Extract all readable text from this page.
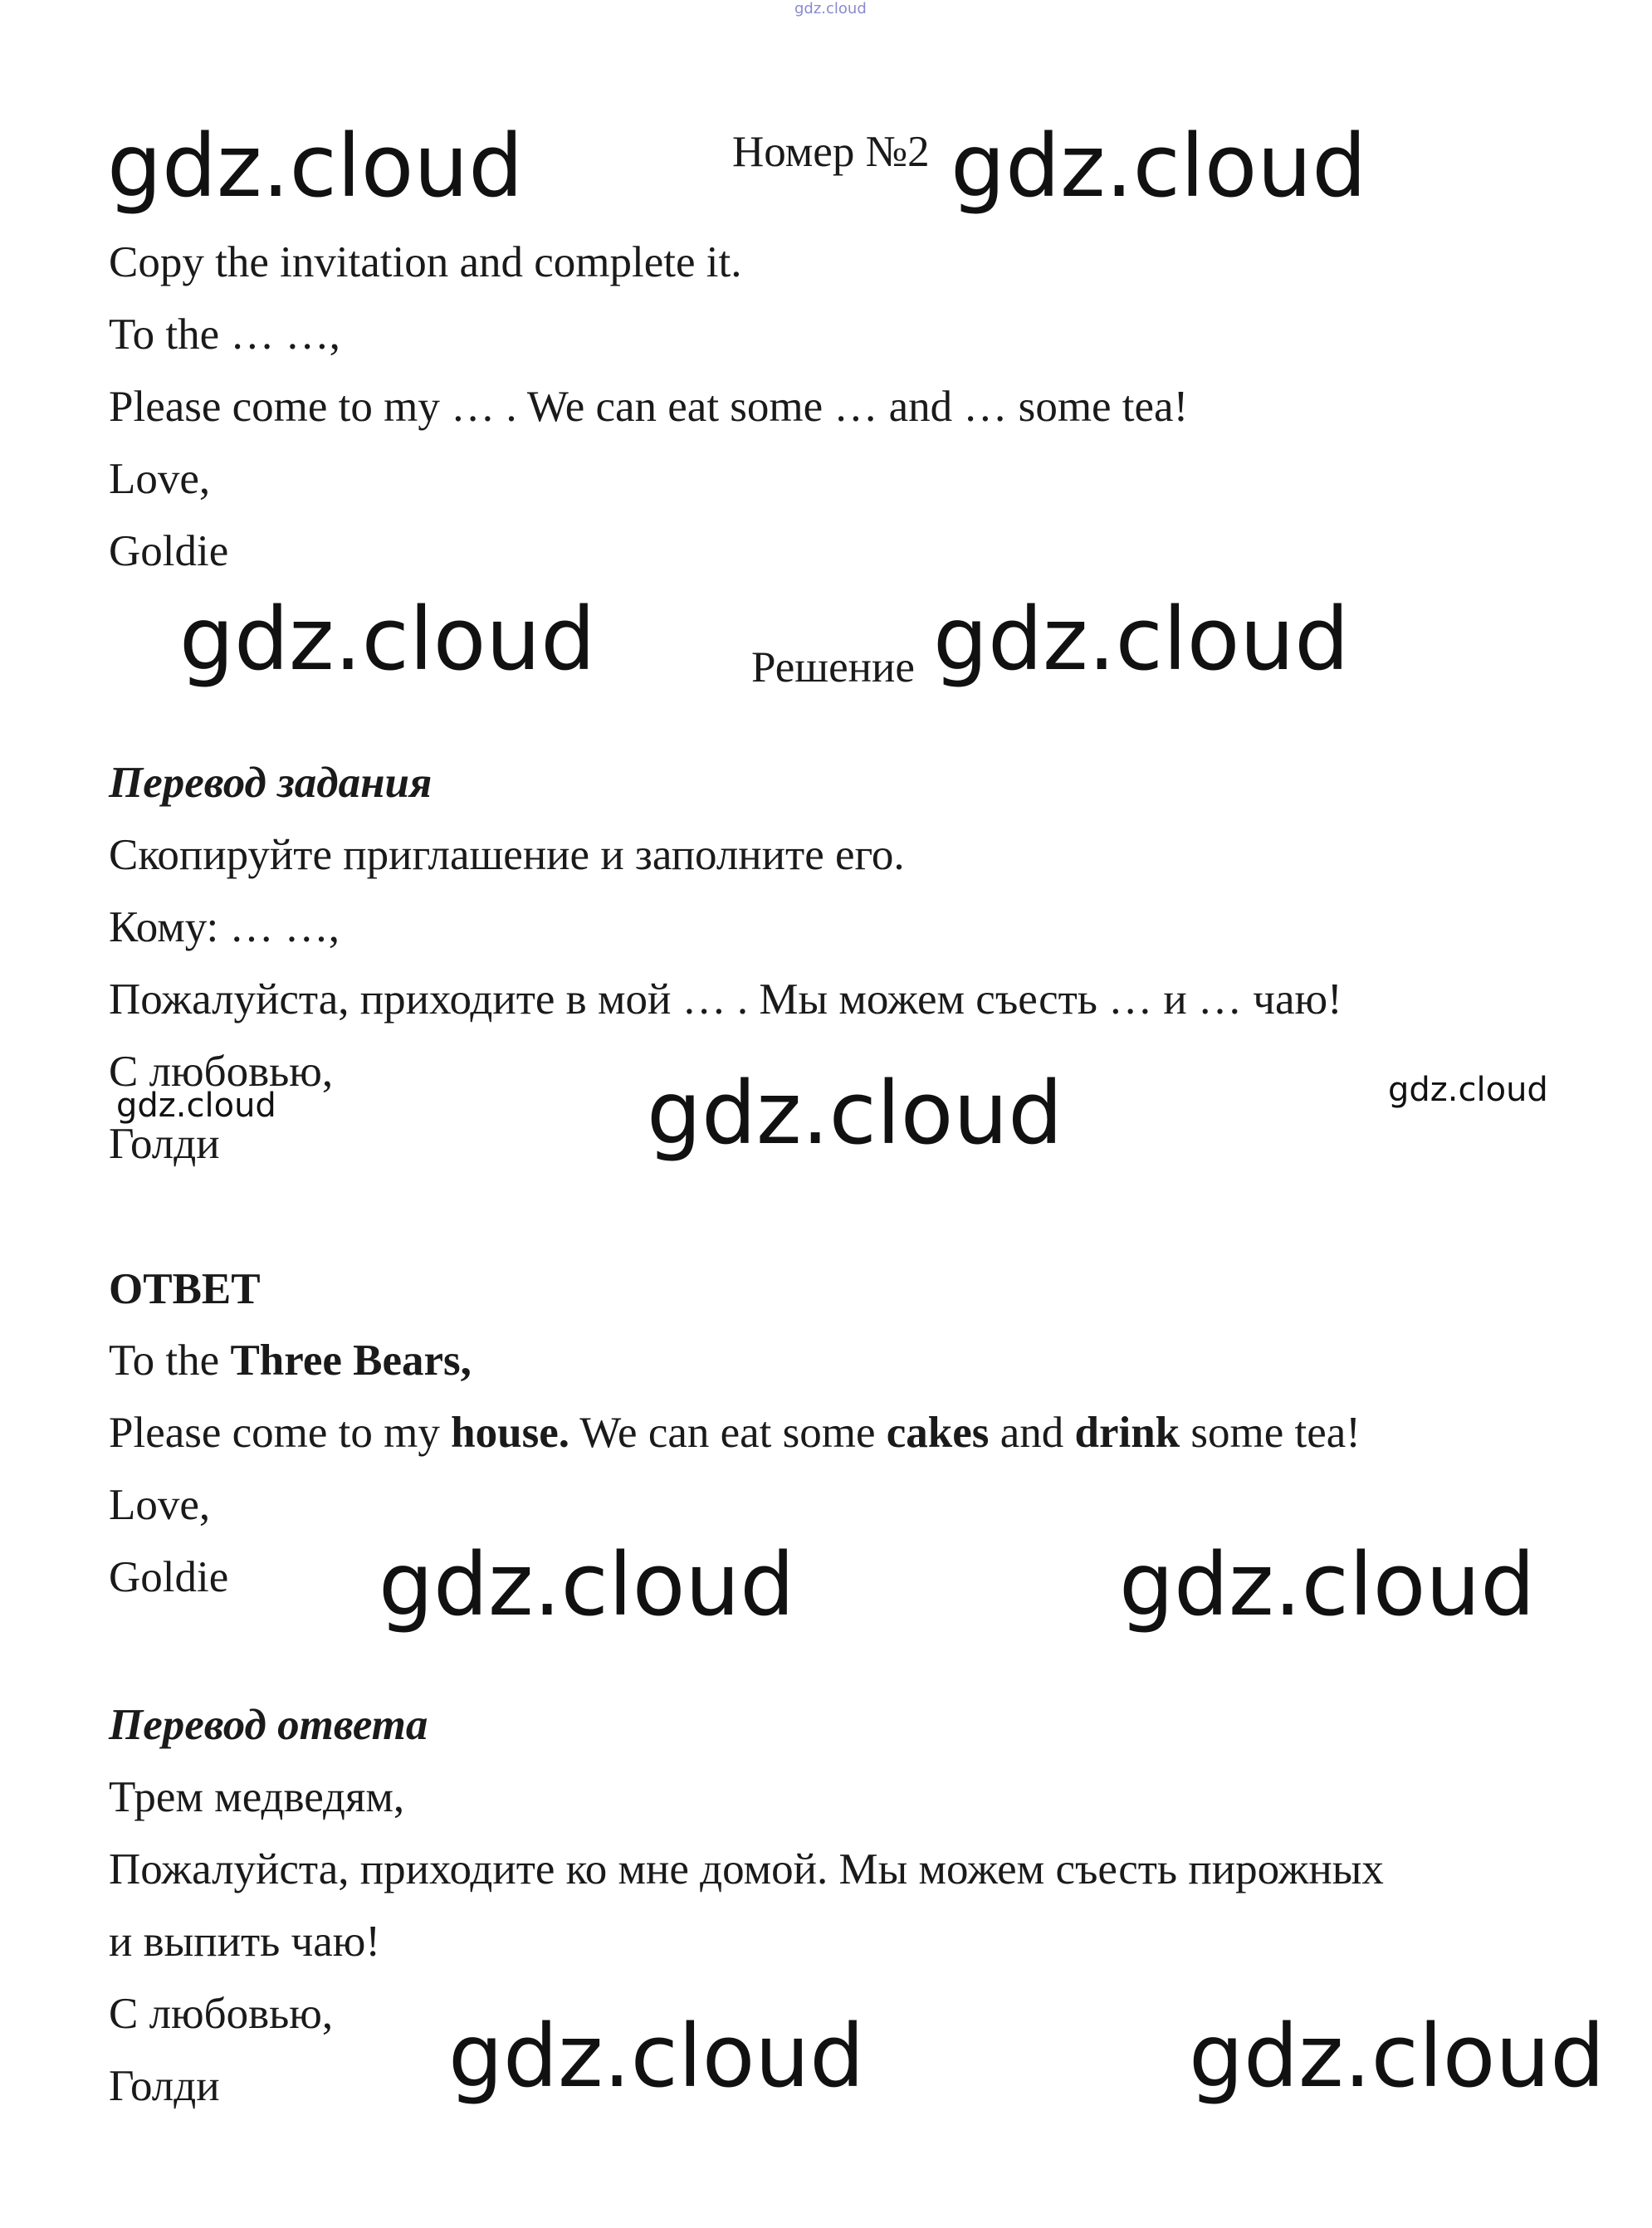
gdz.cloud
gdz.cloud	gdz.cloud
gdz.cloud	gdz.cloud
gdz.cloud	gdz.cloud	gdz.cloud
gdz.cloud	gdz.cloud
gdz.cloud	gdz.cloud
Номер №2
Решение
Copy the invitation and complete it.
To the … …,
Please come to my … . We can eat some … and … some tea!
Love,
Goldie
Перевод задания
Скопируйте приглашение и заполните его.
Кому: … …,
Пожалуйста, приходите в мой … . Мы можем съесть … и … чаю!
С любовью,
Голди
ОТВЕТ
To the Three Bears,
Please come to my house. We can eat some cakes and drink some tea!
Love,
Goldie
Перевод ответа
Трем медведям,
Пожалуйста, приходите ко мне домой. Мы можем съесть пирожных
и выпить чаю!
С любовью,
Голди
